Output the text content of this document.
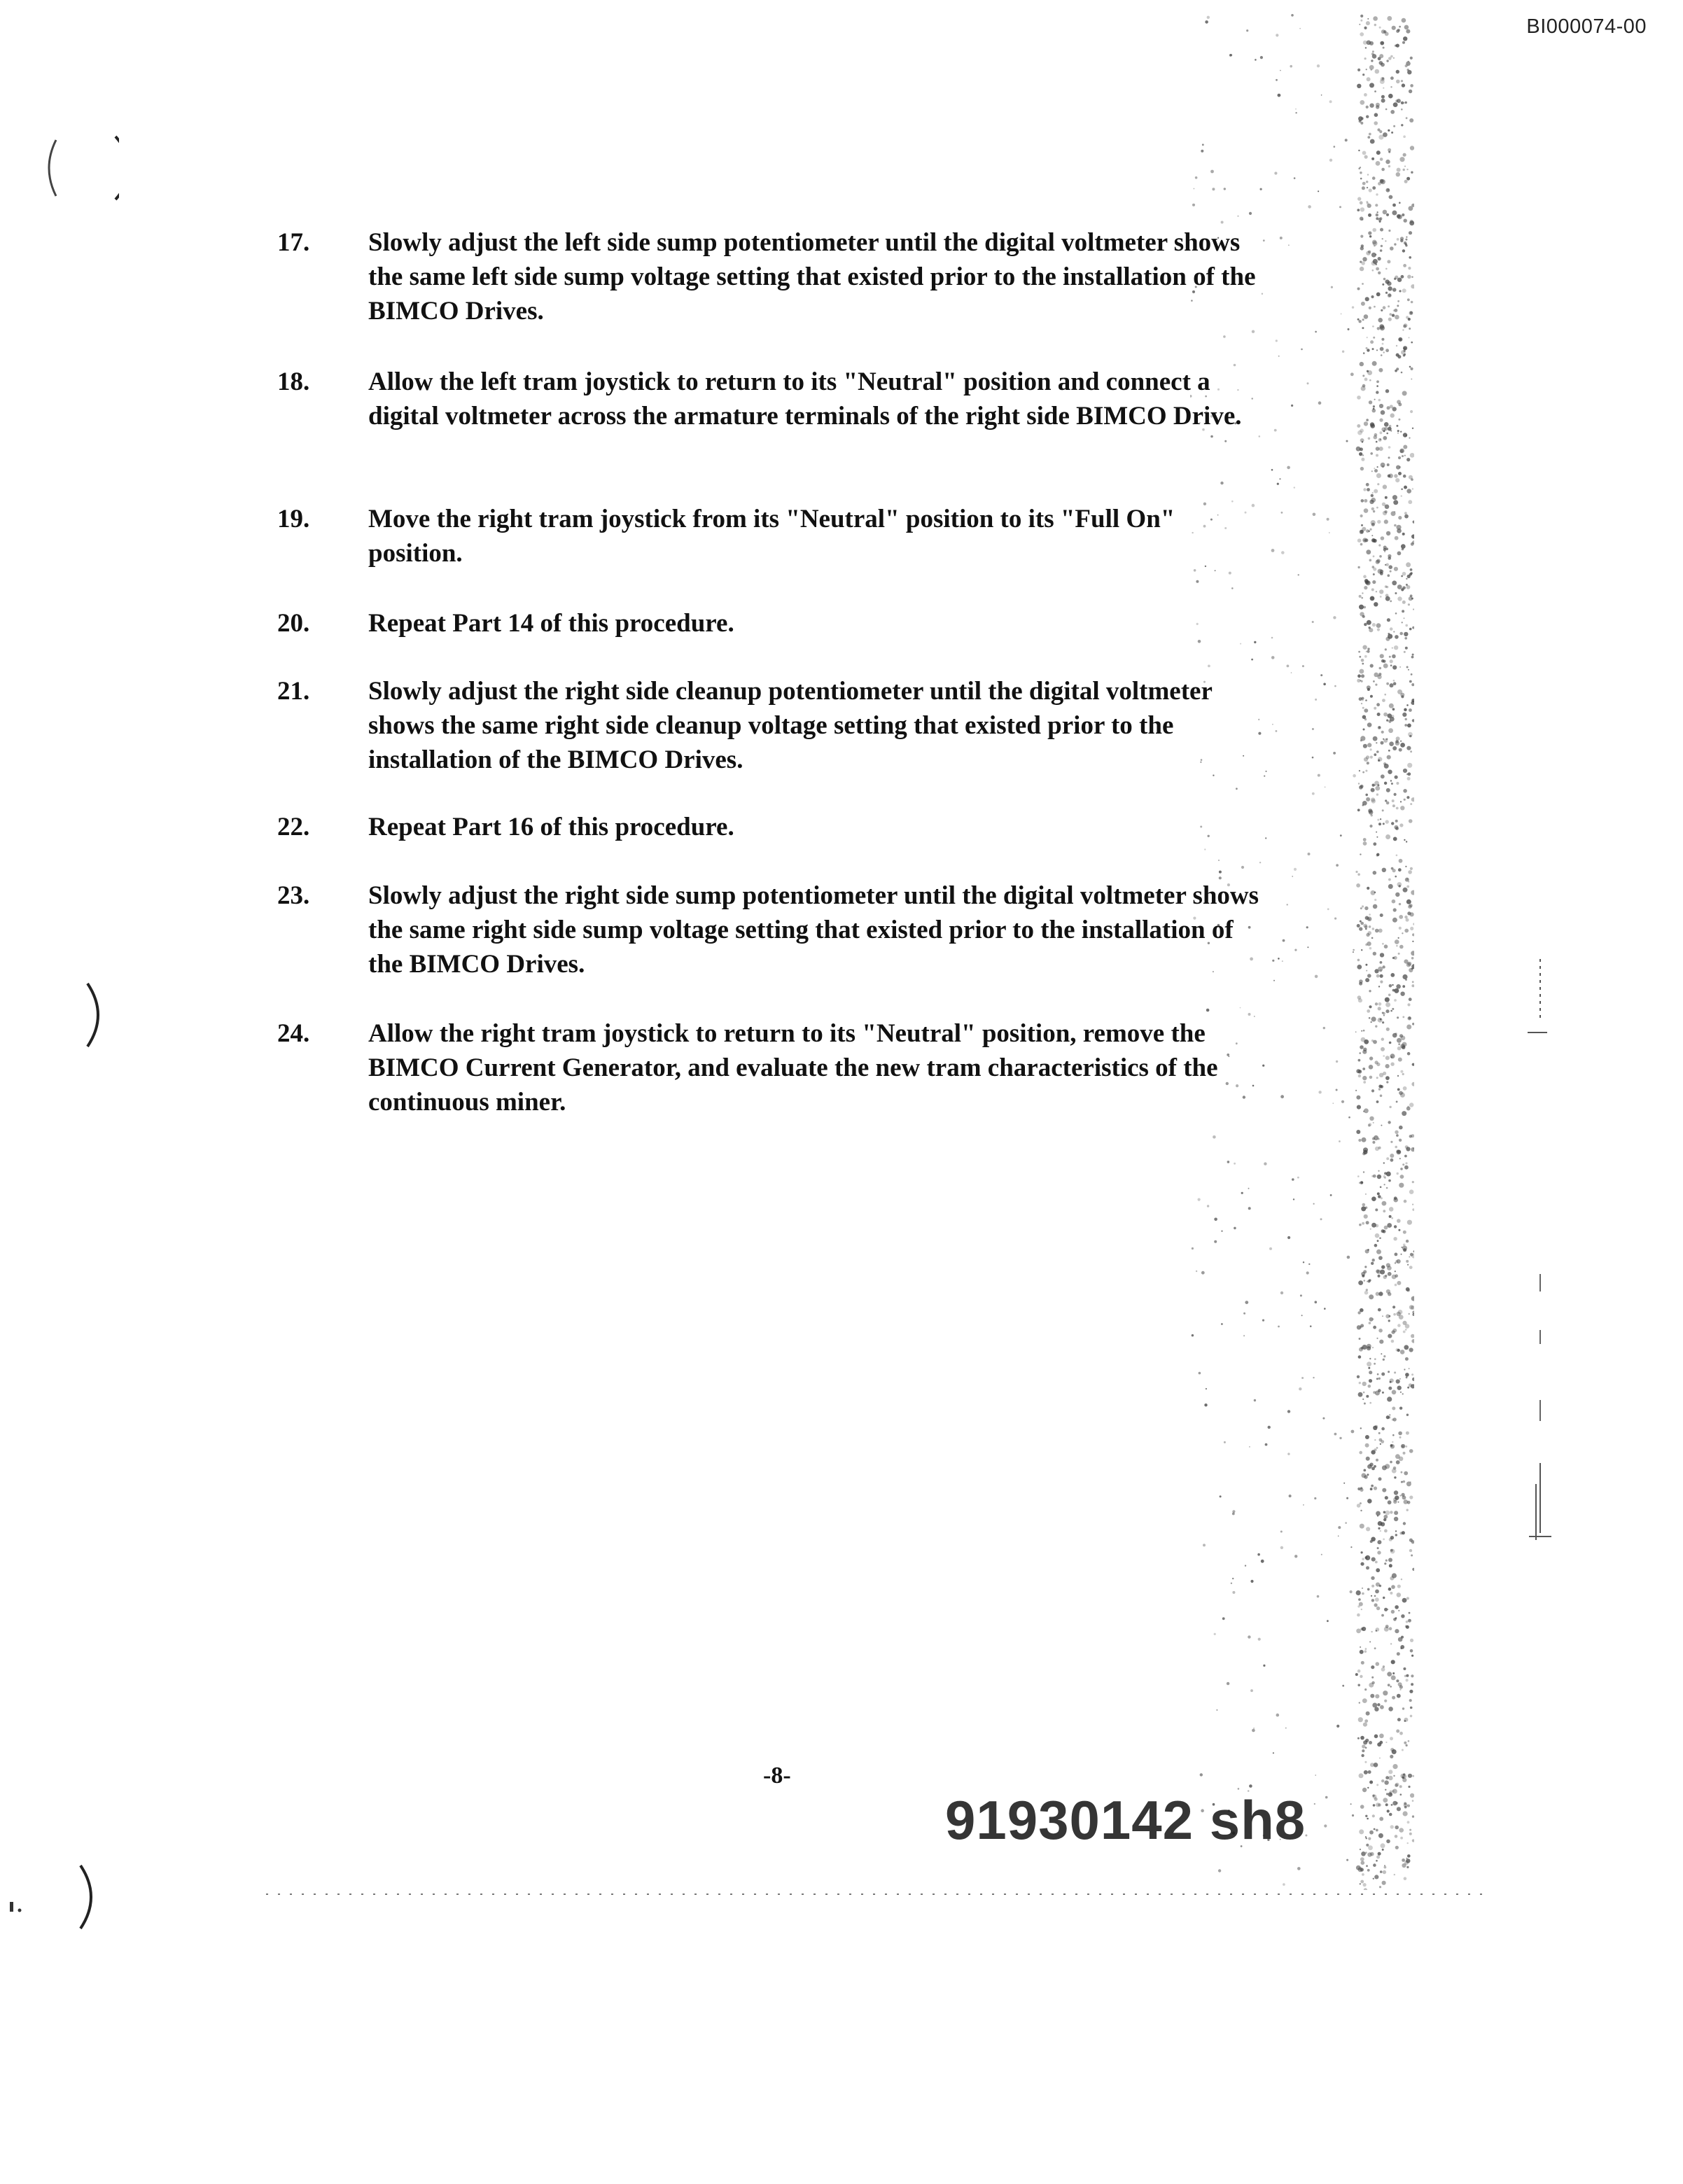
BI000074-00
17.	Slowly adjust the left side sump potentiometer until the digital voltmeter shows the same left side sump voltage setting that existed prior to the installation of the BIMCO Drives.
18.	Allow the left tram joystick to return to its "Neutral" position and connect a digital voltmeter across the armature terminals of the right side BIMCO Drive.
19.	Move the right tram joystick from its "Neutral" position to its "Full On" position.
20.	Repeat Part 14 of this procedure.
21.	Slowly adjust the right side cleanup potentiometer until the digital voltmeter shows the same right side cleanup voltage setting that existed prior to the installation of the BIMCO Drives.
22.	Repeat Part 16 of this procedure.
23.	Slowly adjust the right side sump potentiometer until the digital voltmeter shows the same right side sump voltage setting that existed prior to the installation of the BIMCO Drives.
24.	Allow the right tram joystick to return to its "Neutral" position, remove the BIMCO Current Generator, and evaluate the new tram characteristics of the continuous miner.
-8-
91930142 sh8
